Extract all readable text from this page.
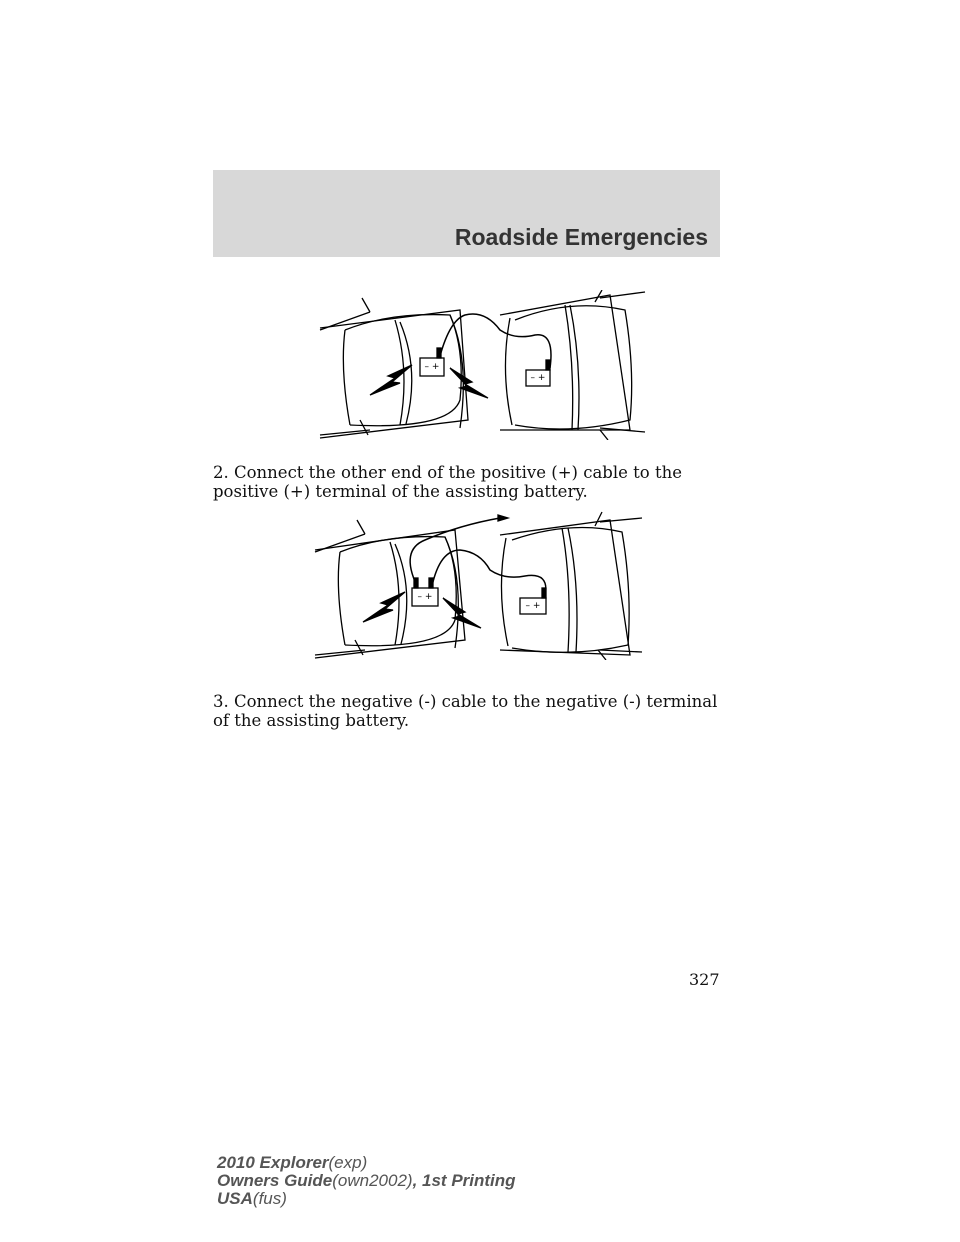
Roadside Emergencies
– +
– +
2. Connect the other end of the positive (+) cable to the positive (+) terminal of the assisting battery.
– +
– +
3. Connect the negative (-) cable to the negative (-) terminal of the assisting battery.
327
2010 Explorer(exp)
Owners Guide(own2002), 1st Printing
USA(fus)
